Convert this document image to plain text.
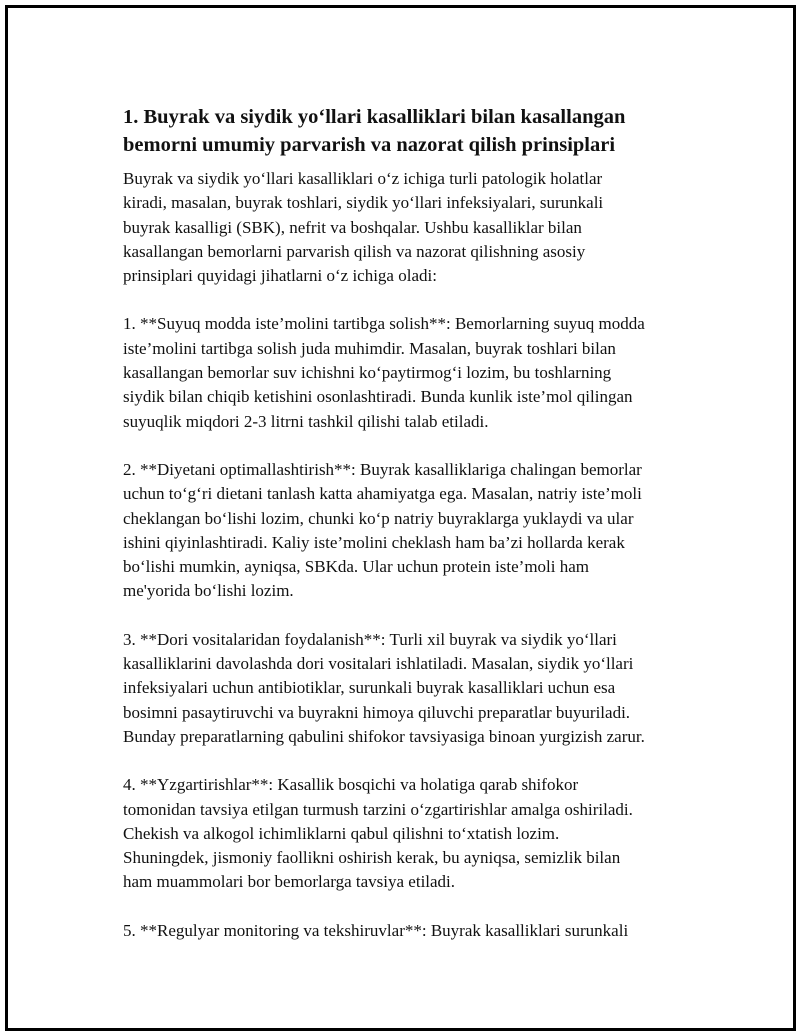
1. Buyrak va siydik yo‘llari kasalliklari bilan kasallangan
bemorni umumiy parvarish va nazorat qilish prinsiplari
Buyrak va siydik yo‘llari kasalliklari o‘z ichiga turli patologik holatlar
kiradi, masalan, buyrak toshlari, siydik yo‘llari infeksiyalari, surunkali
buyrak kasalligi (SBK), nefrit va boshqalar. Ushbu kasalliklar bilan
kasallangan bemorlarni parvarish qilish va nazorat qilishning asosiy
prinsiplari quyidagi jihatlarni o‘z ichiga oladi:
1. **Suyuq modda iste’molini tartibga solish**: Bemorlarning suyuq modda
iste’molini tartibga solish juda muhimdir. Masalan, buyrak toshlari bilan
kasallangan bemorlar suv ichishni ko‘paytirmog‘i lozim, bu toshlarning
siydik bilan chiqib ketishini osonlashtiradi. Bunda kunlik iste’mol qilingan
suyuqlik miqdori 2-3 litrni tashkil qilishi talab etiladi.
2. **Diyetani optimallashtirish**: Buyrak kasalliklariga chalingan bemorlar
uchun to‘g‘ri dietani tanlash katta ahamiyatga ega. Masalan, natriy iste’moli
cheklangan bo‘lishi lozim, chunki ko‘p natriy buyraklarga yuklaydi va ular
ishini qiyinlashtiradi. Kaliy iste’molini cheklash ham ba’zi hollarda kerak
bo‘lishi mumkin, ayniqsa, SBKda. Ular uchun protein iste’moli ham
me'yorida bo‘lishi lozim.
3. **Dori vositalaridan foydalanish**: Turli xil buyrak va siydik yo‘llari
kasalliklarini davolashda dori vositalari ishlatiladi. Masalan, siydik yo‘llari
infeksiyalari uchun antibiotiklar, surunkali buyrak kasalliklari uchun esa
bosimni pasaytiruvchi va buyrakni himoya qiluvchi preparatlar buyuriladi.
Bunday preparatlarning qabulini shifokor tavsiyasiga binoan yurgizish zarur.
4. **Yzgartirishlar**: Kasallik bosqichi va holatiga qarab shifokor
tomonidan tavsiya etilgan turmush tarzini o‘zgartirishlar amalga oshiriladi.
Chekish va alkogol ichimliklarni qabul qilishni to‘xtatish lozim.
Shuningdek, jismoniy faollikni oshirish kerak, bu ayniqsa, semizlik bilan
ham muammolari bor bemorlarga tavsiya etiladi.
5. **Regulyar monitoring va tekshiruvlar**: Buyrak kasalliklari surunkali
